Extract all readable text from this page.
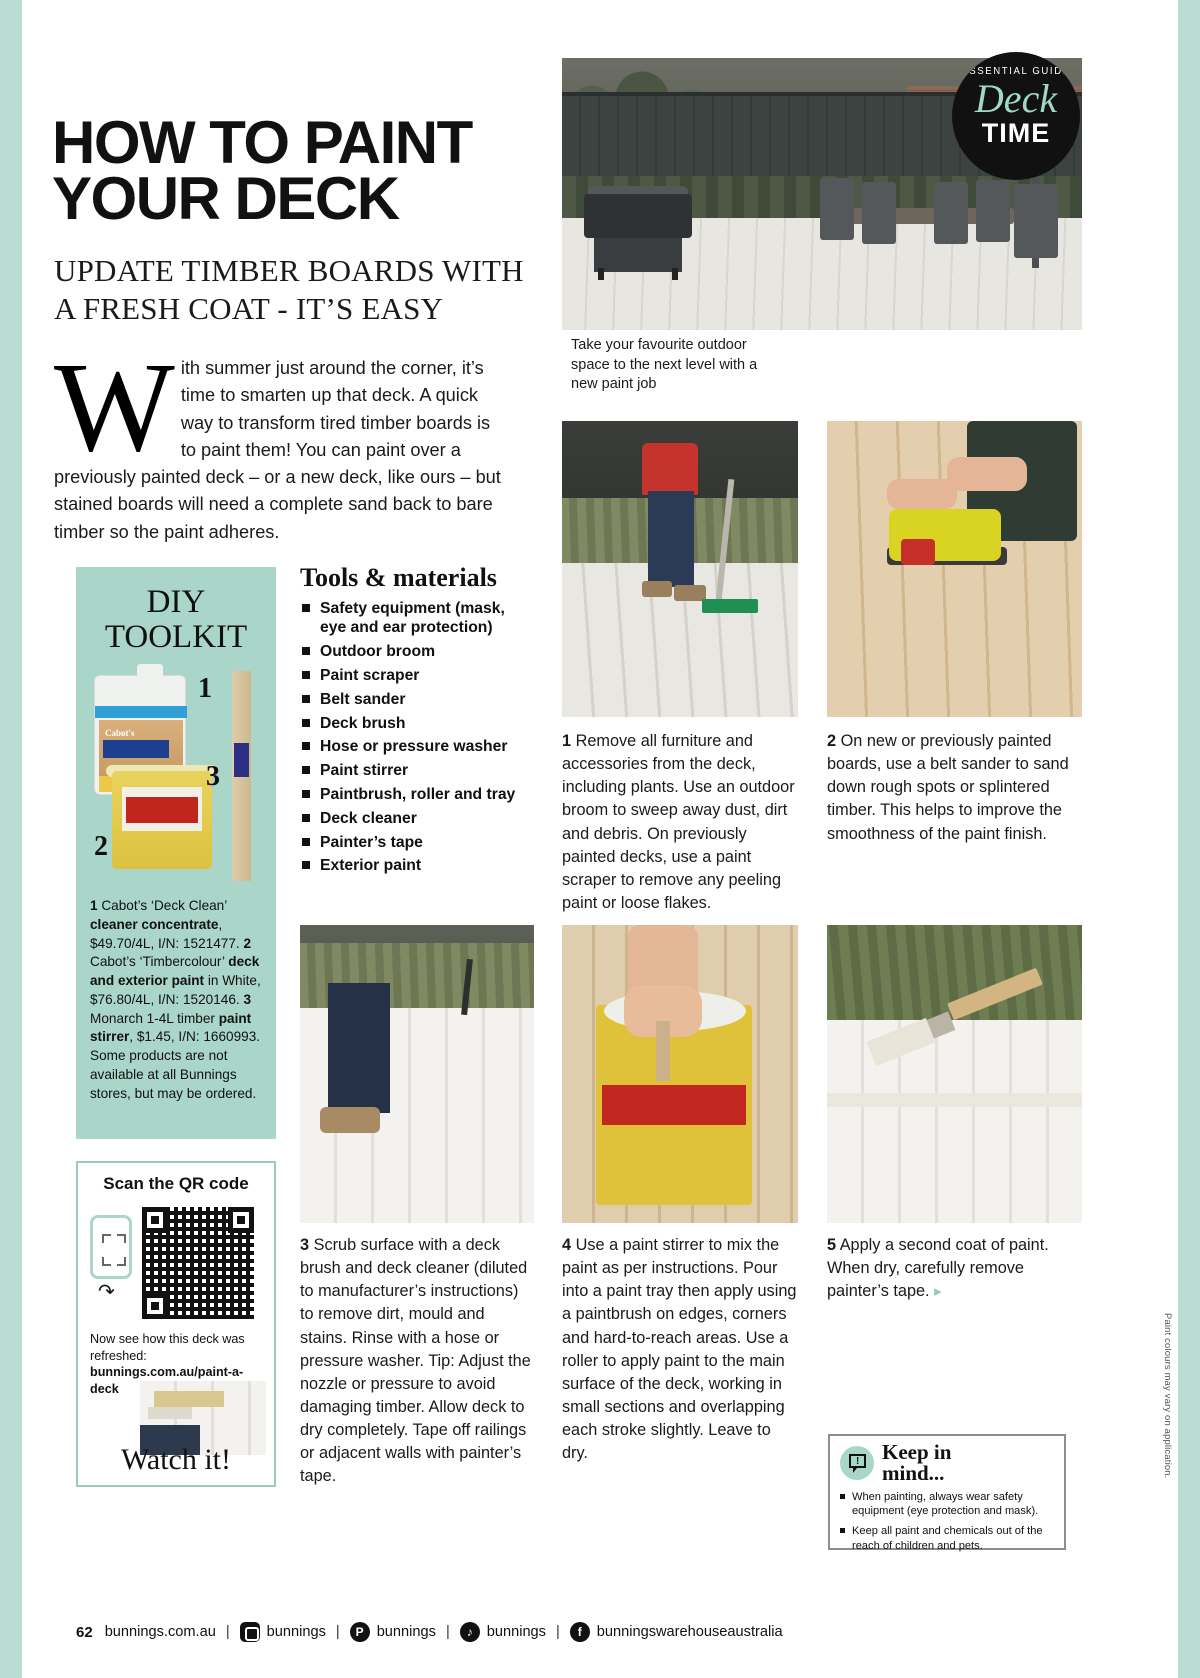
HOW TO PAINT
YOUR DECK
UPDATE TIMBER BOARDS WITH
A FRESH COAT - IT’S EASY
With summer just around the corner, it’s time to smarten up that deck. A quick way to transform tired timber boards is to paint them! You can paint over a previously painted deck – or a new deck, like ours – but stained boards will need a complete sand back to bare timber so the paint adheres.
Take your favourite outdoor space to the next level with a new paint job
ESSENTIAL GUIDE
Deck
TIME
1 Remove all furniture and accessories from the deck, including plants. Use an outdoor broom to sweep away dust, dirt and debris. On previously painted decks, use a paint scraper to remove any peeling paint or loose flakes.
2 On new or previously painted boards, use a belt sander to sand down rough spots or splintered timber. This helps to improve the smoothness of the paint finish.
DIY
TOOLKIT
Cabot's
1
2
3
1 Cabot’s ‘Deck Clean’ cleaner concentrate, $49.70/4L, I/N: 1521477. 2 Cabot’s ‘Timbercolour’ deck and exterior paint in White, $76.80/4L, I/N: 1520146. 3 Monarch 1-4L timber paint stirrer, $1.45, I/N: 1660993. Some products are not available at all Bunnings stores, but may be ordered.
Tools & materials
Safety equipment (mask, eye and ear protection)
Outdoor broom
Paint scraper
Belt sander
Deck brush
Hose or pressure washer
Paint stirrer
Paintbrush, roller and tray
Deck cleaner
Painter’s tape
Exterior paint
3 Scrub surface with a deck brush and deck cleaner (diluted to manufacturer’s instructions) to remove dirt, mould and stains. Rinse with a hose or pressure washer. Tip: Adjust the nozzle or pressure to avoid damaging timber. Allow deck to dry completely. Tape off railings or adjacent walls with painter’s tape.
4 Use a paint stirrer to mix the paint as per instructions. Pour into a paint tray then apply using a paintbrush on edges, corners and hard-to-reach areas. Use a roller to apply paint to the main surface of the deck, working in small sections and overlapping each stroke slightly. Leave to dry.
5 Apply a second coat of paint. When dry, carefully remove painter’s tape. ▸
Scan the QR code
↷
Now see how this deck was refreshed: bunnings.com.au/paint-a-deck
Watch it!	! Keep in
mind...
When painting, always wear safety equipment (eye protection and mask).
Keep all paint and chemicals out of the reach of children and pets.
Paint colours may vary on application.
62 bunnings.com.au |	bunnings |	P bunnings |	♪ bunnings |	f	bunningswarehouseaustralia
